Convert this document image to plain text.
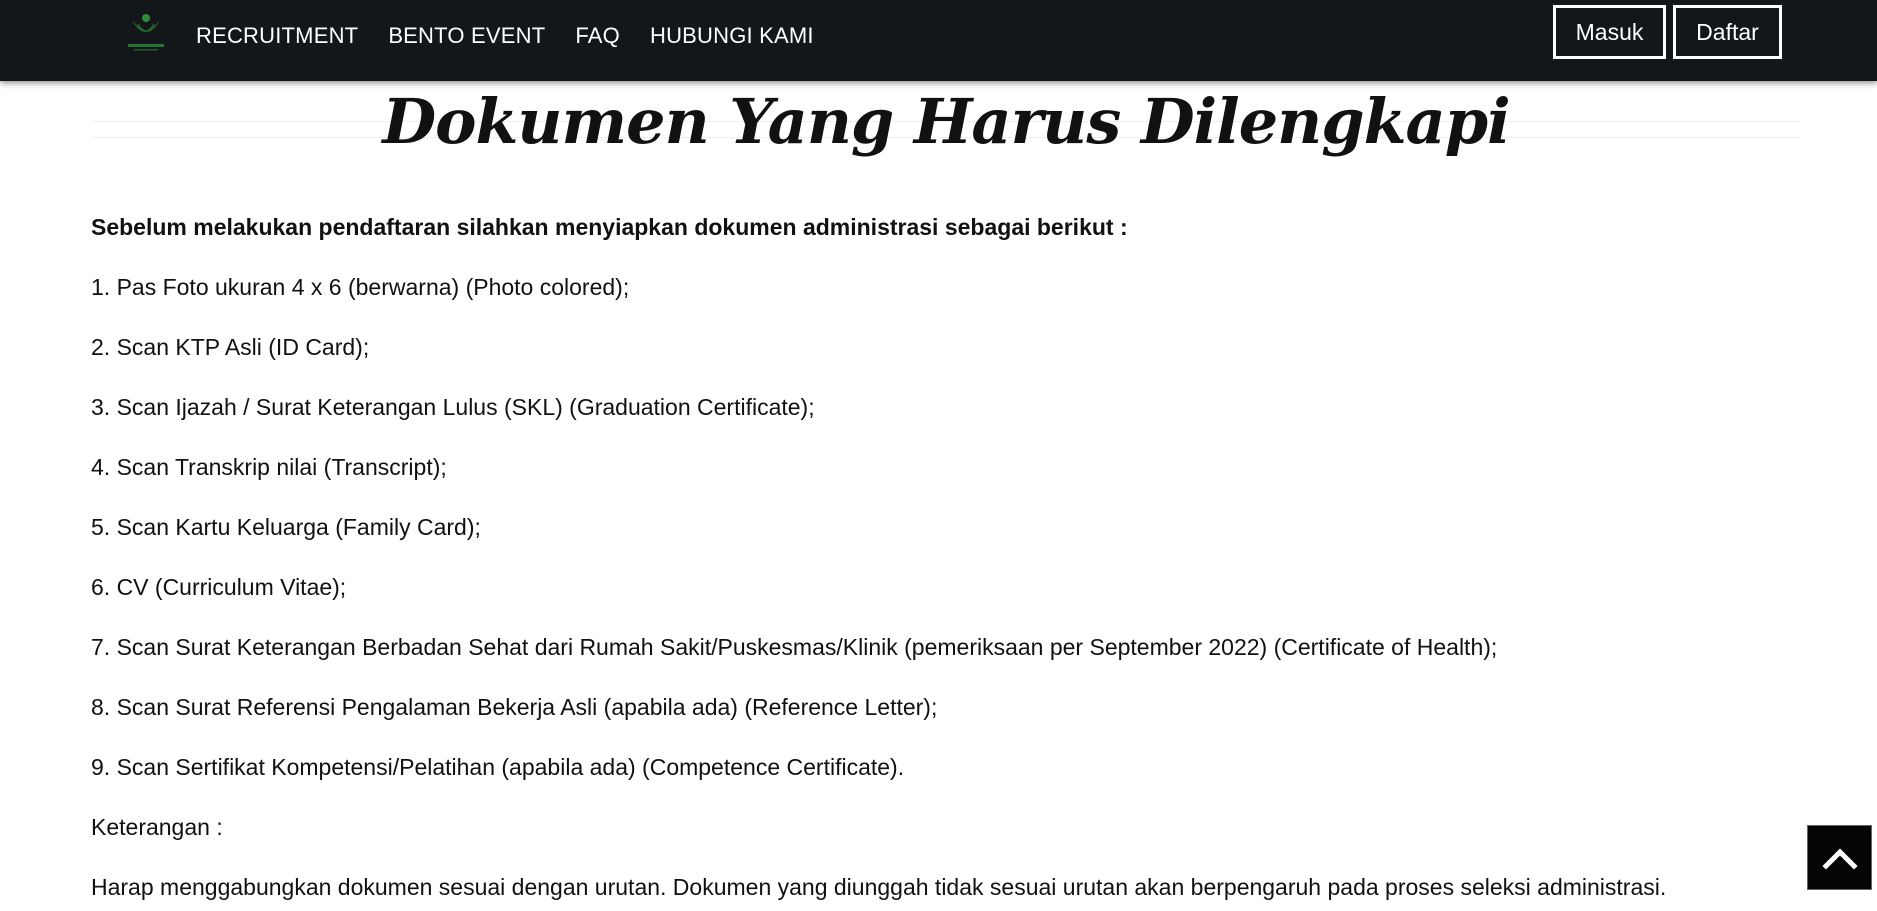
RECRUITMENT BENTO EVENT FAQ HUBUNGI KAMI	Masuk	Daftar
Dokumen Yang Harus Dilengkapi

Sebelum melakukan pendaftaran silahkan menyiapkan dokumen administrasi sebagai berikut :

1. Pas Foto ukuran 4 x 6 (berwarna) (Photo colored);
2. Scan KTP Asli (ID Card);
3. Scan Ijazah / Surat Keterangan Lulus (SKL) (Graduation Certificate);
4. Scan Transkrip nilai (Transcript);
5. Scan Kartu Keluarga (Family Card);
6. CV (Curriculum Vitae);
7. Scan Surat Keterangan Berbadan Sehat dari Rumah Sakit/Puskesmas/Klinik (pemeriksaan per September 2022) (Certificate of Health);
8. Scan Surat Referensi Pengalaman Bekerja Asli (apabila ada) (Reference Letter);
9. Scan Sertifikat Kompetensi/Pelatihan (apabila ada) (Competence Certificate).
Keterangan :
Harap menggabungkan dokumen sesuai dengan urutan. Dokumen yang diunggah tidak sesuai urutan akan berpengaruh pada proses seleksi administrasi.
